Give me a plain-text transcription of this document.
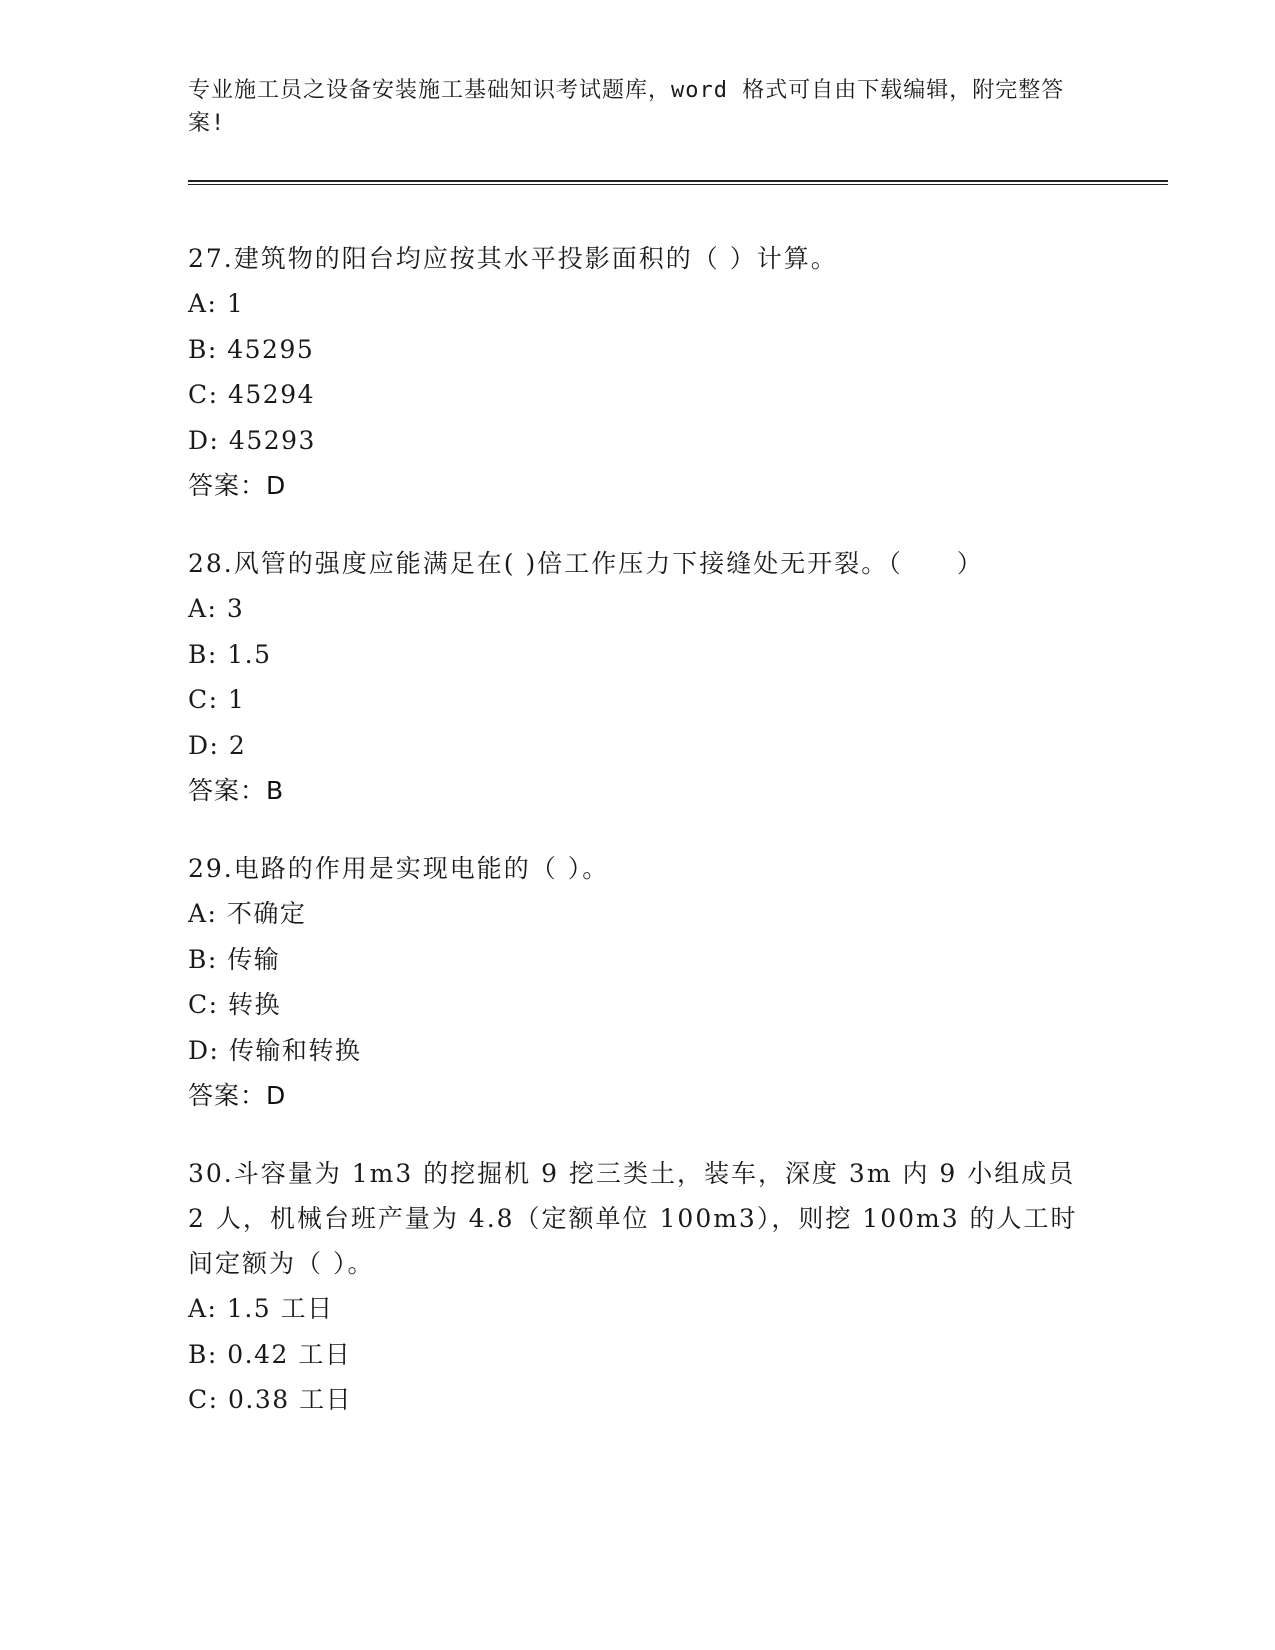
专业施工员之设备安装施工基础知识考试题库，word 格式可自由下载编辑，附完整答案!

27.建筑物的阳台均应按其水平投影面积的（ ）计算。

A: 1

B: 45295

C: 45294

D: 45293

答案：D

28.风管的强度应能满足在( )倍工作压力下接缝处无开裂。（　　）

A: 3

B: 1.5

C: 1

D: 2

答案：B

29.电路的作用是实现电能的（ ）。

A: 不确定

B: 传输

C: 转换

D: 传输和转换

答案：D

30.斗容量为 1m3 的挖掘机 9 挖三类土，装车，深度 3m 内 9 小组成员 2 人，机械台班产量为 4.8（定额单位 100m3），则挖 100m3 的人工时间定额为（ ）。

A: 1.5 工日

B: 0.42 工日

C: 0.38 工日
